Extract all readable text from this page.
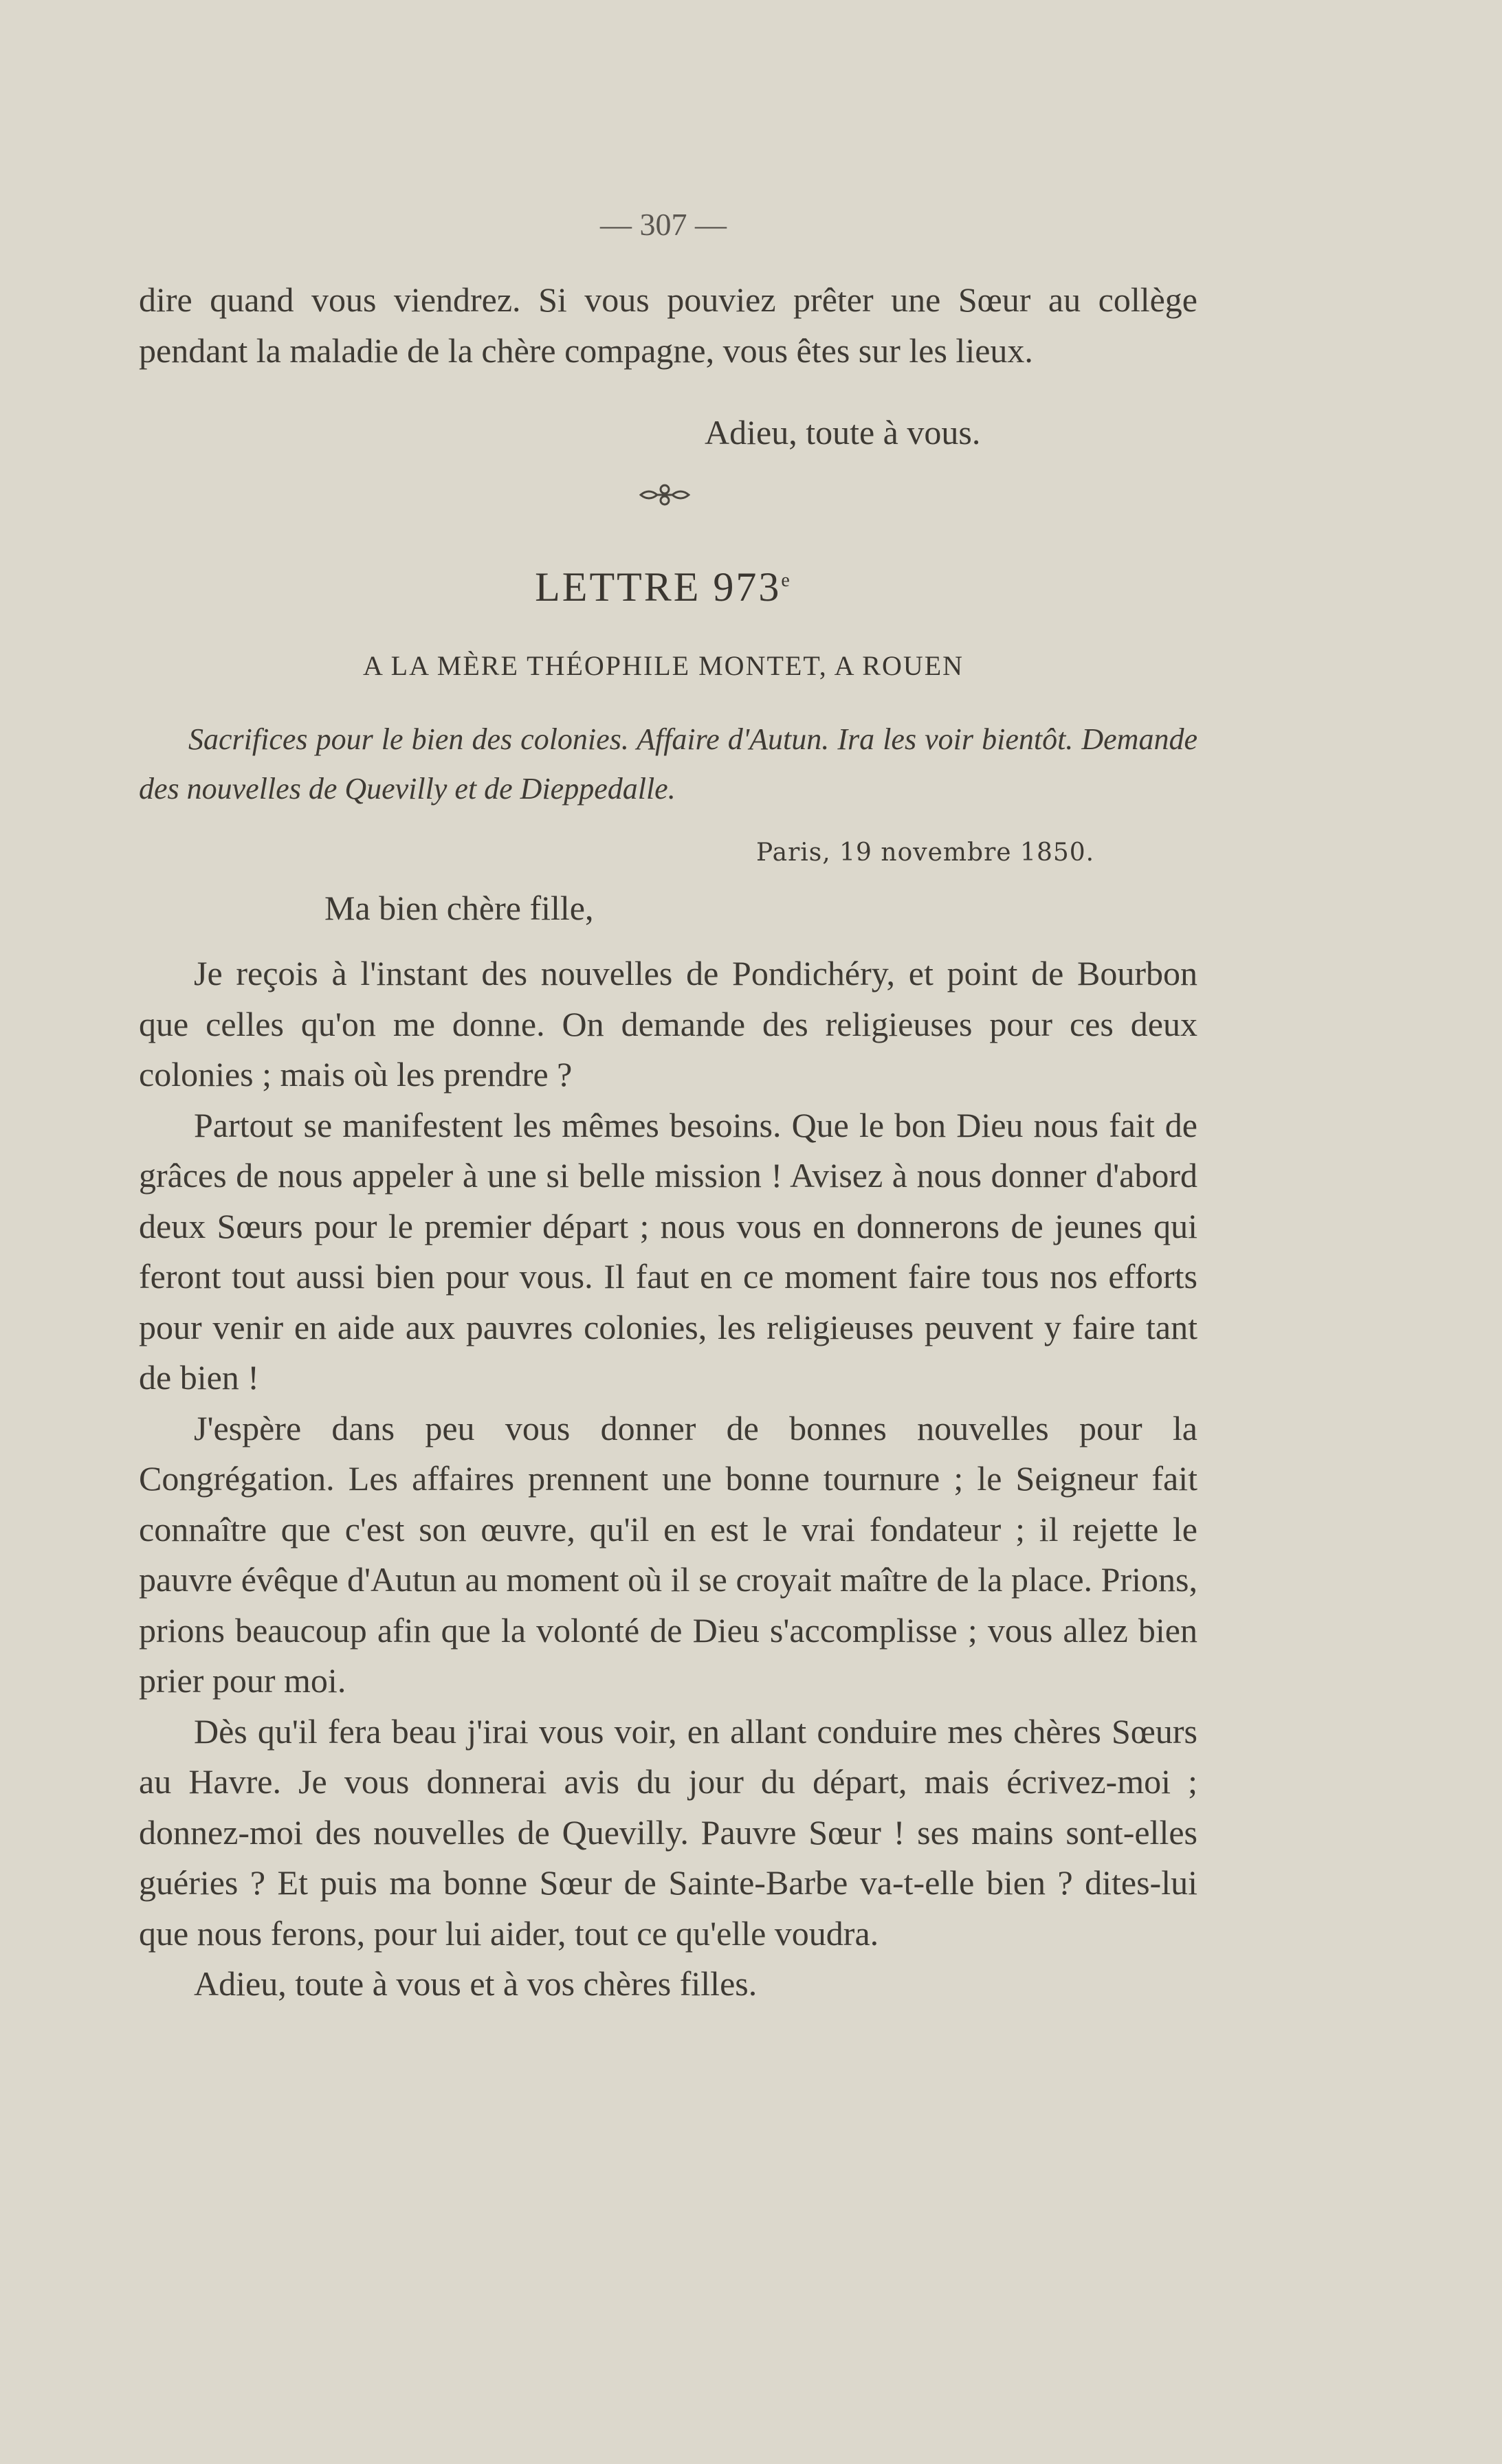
— 307 —

dire quand vous viendrez. Si vous pouviez prêter une Sœur au collège pendant la maladie de la chère compagne, vous êtes sur les lieux.

Adieu, toute à vous.
LETTRE 973e
A LA MÈRE THÉOPHILE MONTET, A ROUEN

Sacrifices pour le bien des colonies. Affaire d'Autun. Ira les voir bientôt. Demande des nouvelles de Quevilly et de Dieppedalle.

Paris, 19 novembre 1850.
Ma bien chère fille,

Je reçois à l'instant des nouvelles de Pondichéry, et point de Bourbon que celles qu'on me donne. On demande des religieuses pour ces deux colonies ; mais où les prendre ?

Partout se manifestent les mêmes besoins. Que le bon Dieu nous fait de grâces de nous appeler à une si belle mission ! Avisez à nous donner d'abord deux Sœurs pour le premier départ ; nous vous en donnerons de jeunes qui feront tout aussi bien pour vous. Il faut en ce moment faire tous nos efforts pour venir en aide aux pauvres colonies, les religieuses peuvent y faire tant de bien !

J'espère dans peu vous donner de bonnes nouvelles pour la Congrégation. Les affaires prennent une bonne tournure ; le Seigneur fait connaître que c'est son œuvre, qu'il en est le vrai fondateur ; il rejette le pauvre évêque d'Autun au moment où il se croyait maître de la place. Prions, prions beaucoup afin que la volonté de Dieu s'accomplisse ; vous allez bien prier pour moi.

Dès qu'il fera beau j'irai vous voir, en allant conduire mes chères Sœurs au Havre. Je vous donnerai avis du jour du départ, mais écrivez-moi ; donnez-moi des nouvelles de Quevilly. Pauvre Sœur ! ses mains sont-elles guéries ? Et puis ma bonne Sœur de Sainte-Barbe va-t-elle bien ? dites-lui que nous ferons, pour lui aider, tout ce qu'elle voudra.

Adieu, toute à vous et à vos chères filles.
